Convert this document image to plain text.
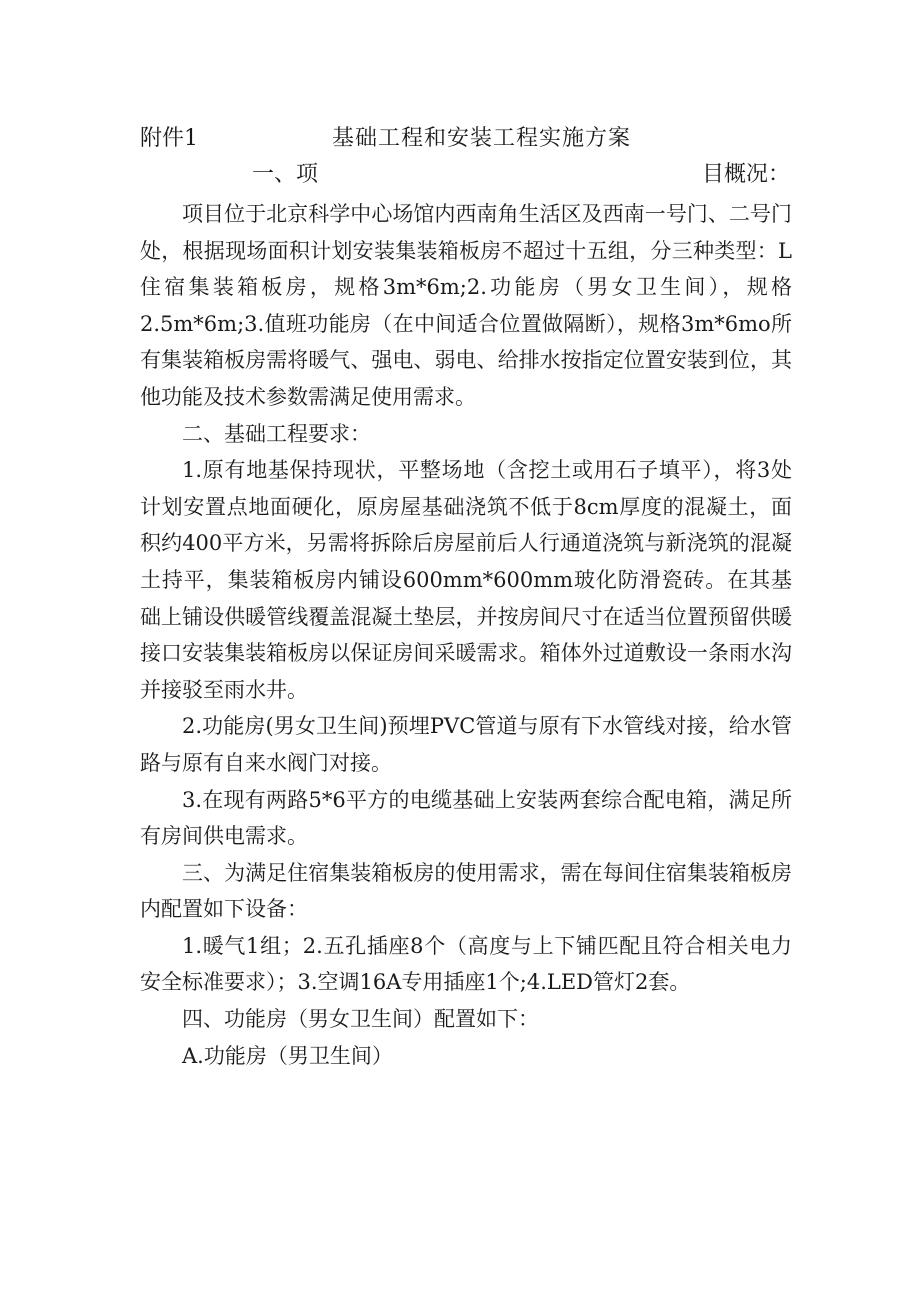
附件1	基础工程和安装工程实施方案
一、项	目概况：

项目位于北京科学中心场馆内西南角生活区及西南一号门、二号门处，根据现场面积计划安装集装箱板房不超过十五组，分三种类型：L住宿集装箱板房，规格3m*6m;2.功能房（男女卫生间），规格2.5m*6m;3.值班功能房（在中间适合位置做隔断），规格3m*6mo所有集装箱板房需将暖气、强电、弱电、给排水按指定位置安装到位，其他功能及技术参数需满足使用需求。

二、基础工程要求：

1.原有地基保持现状，平整场地（含挖土或用石子填平），将3处计划安置点地面硬化，原房屋基础浇筑不低于8cm厚度的混凝土，面积约400平方米，另需将拆除后房屋前后人行通道浇筑与新浇筑的混凝土持平，集装箱板房内铺设600mm*600mm玻化防滑瓷砖。在其基础上铺设供暖管线覆盖混凝土垫层，并按房间尺寸在适当位置预留供暖接口安装集装箱板房以保证房间采暖需求。箱体外过道敷设一条雨水沟并接驳至雨水井。

2.功能房(男女卫生间)预埋PVC管道与原有下水管线对接，给水管路与原有自来水阀门对接。

3.在现有两路5*6平方的电缆基础上安装两套综合配电箱，满足所有房间供电需求。

三、为满足住宿集装箱板房的使用需求，需在每间住宿集装箱板房内配置如下设备：

1.暖气1组；2.五孔插座8个（高度与上下铺匹配且符合相关电力安全标准要求）；3.空调16A专用插座1个;4.LED管灯2套。

四、功能房（男女卫生间）配置如下：

A.功能房（男卫生间）
